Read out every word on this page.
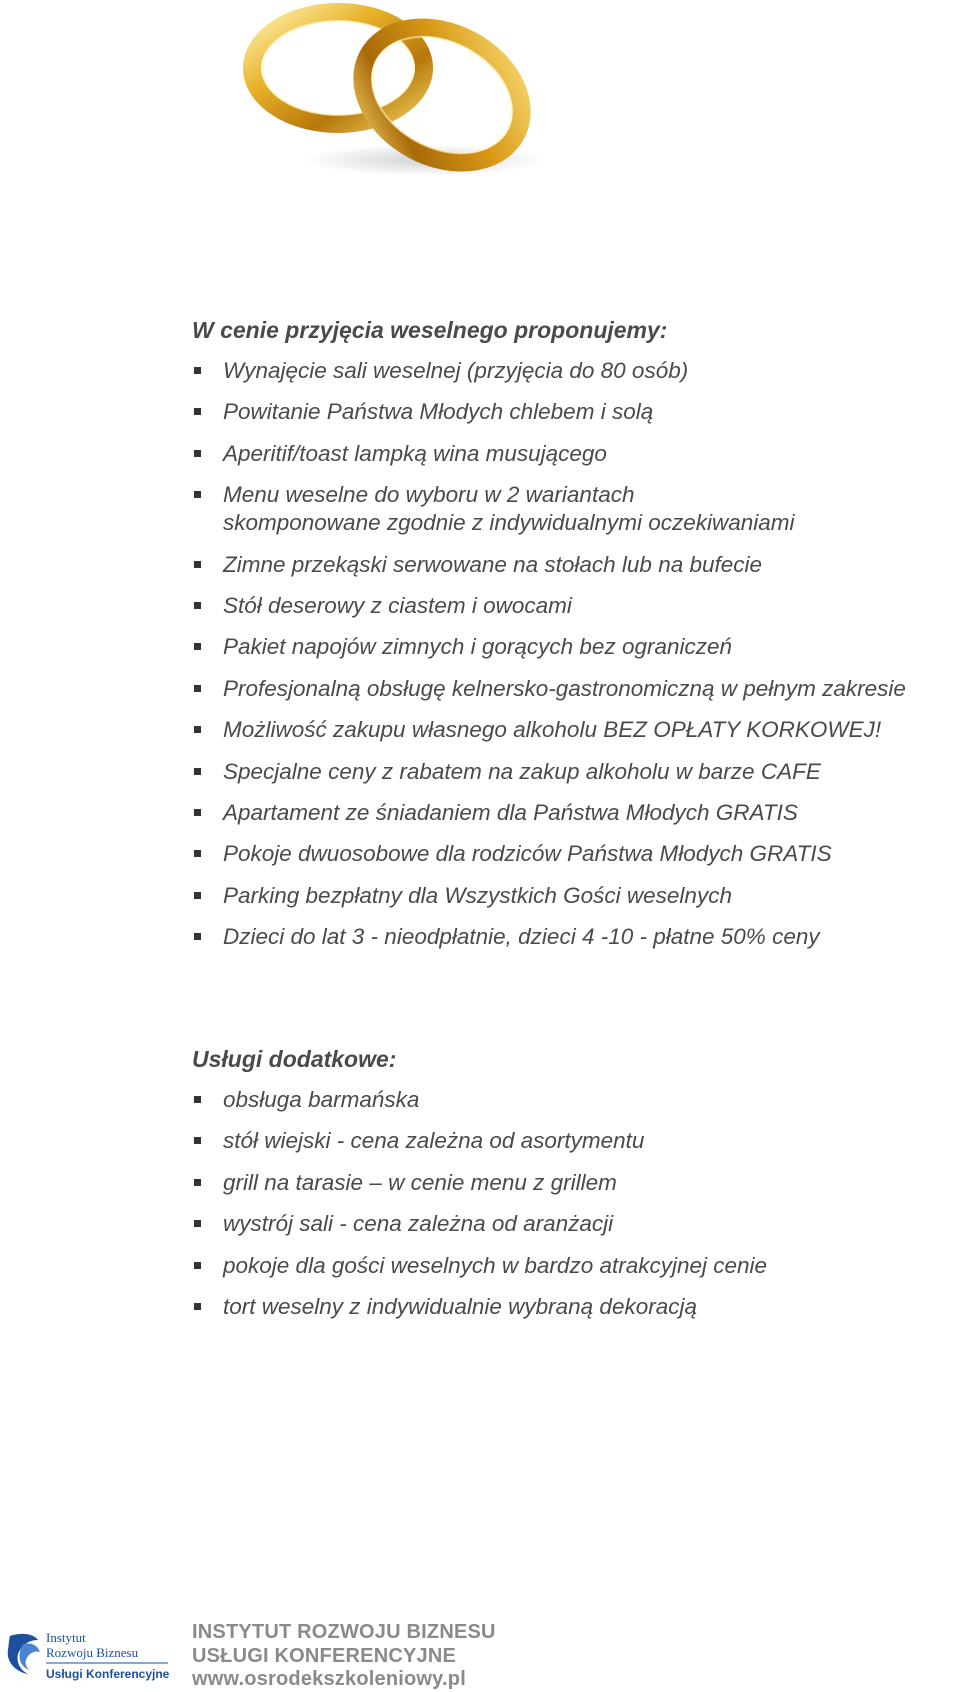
W cenie przyjęcia weselnego proponujemy:
Wynajęcie sali weselnej (przyjęcia do 80 osób)
Powitanie Państwa Młodych chlebem i solą
Aperitif/toast lampką wina musującego
Menu weselne do wyboru w 2 wariantach
skomponowane zgodnie z indywidualnymi oczekiwaniami
Zimne przekąski serwowane na stołach lub na bufecie
Stół deserowy z ciastem i owocami
Pakiet napojów zimnych i gorących bez ograniczeń
Profesjonalną obsługę kelnersko-gastronomiczną w pełnym zakresie
Możliwość zakupu własnego alkoholu BEZ OPŁATY KORKOWEJ!
Specjalne ceny z rabatem na zakup alkoholu w barze CAFE
Apartament ze śniadaniem dla Państwa Młodych GRATIS
Pokoje dwuosobowe dla rodziców Państwa Młodych GRATIS
Parking bezpłatny dla Wszystkich Gości weselnych
Dzieci do lat 3 - nieodpłatnie, dzieci 4 -10 - płatne 50% ceny
Usługi dodatkowe:
obsługa barmańska
stół wiejski - cena zależna od asortymentu
grill na tarasie – w cenie menu z grillem
wystrój sali - cena zależna od aranżacji
pokoje dla gości weselnych w bardzo atrakcyjnej cenie
tort weselny z indywidualnie wybraną dekoracją
Instytut
Rozwoju Biznesu
Usługi Konferencyjne
INSTYTUT ROZWOJU BIZNESU
USŁUGI KONFERENCYJNE
www.osrodekszkoleniowy.pl
